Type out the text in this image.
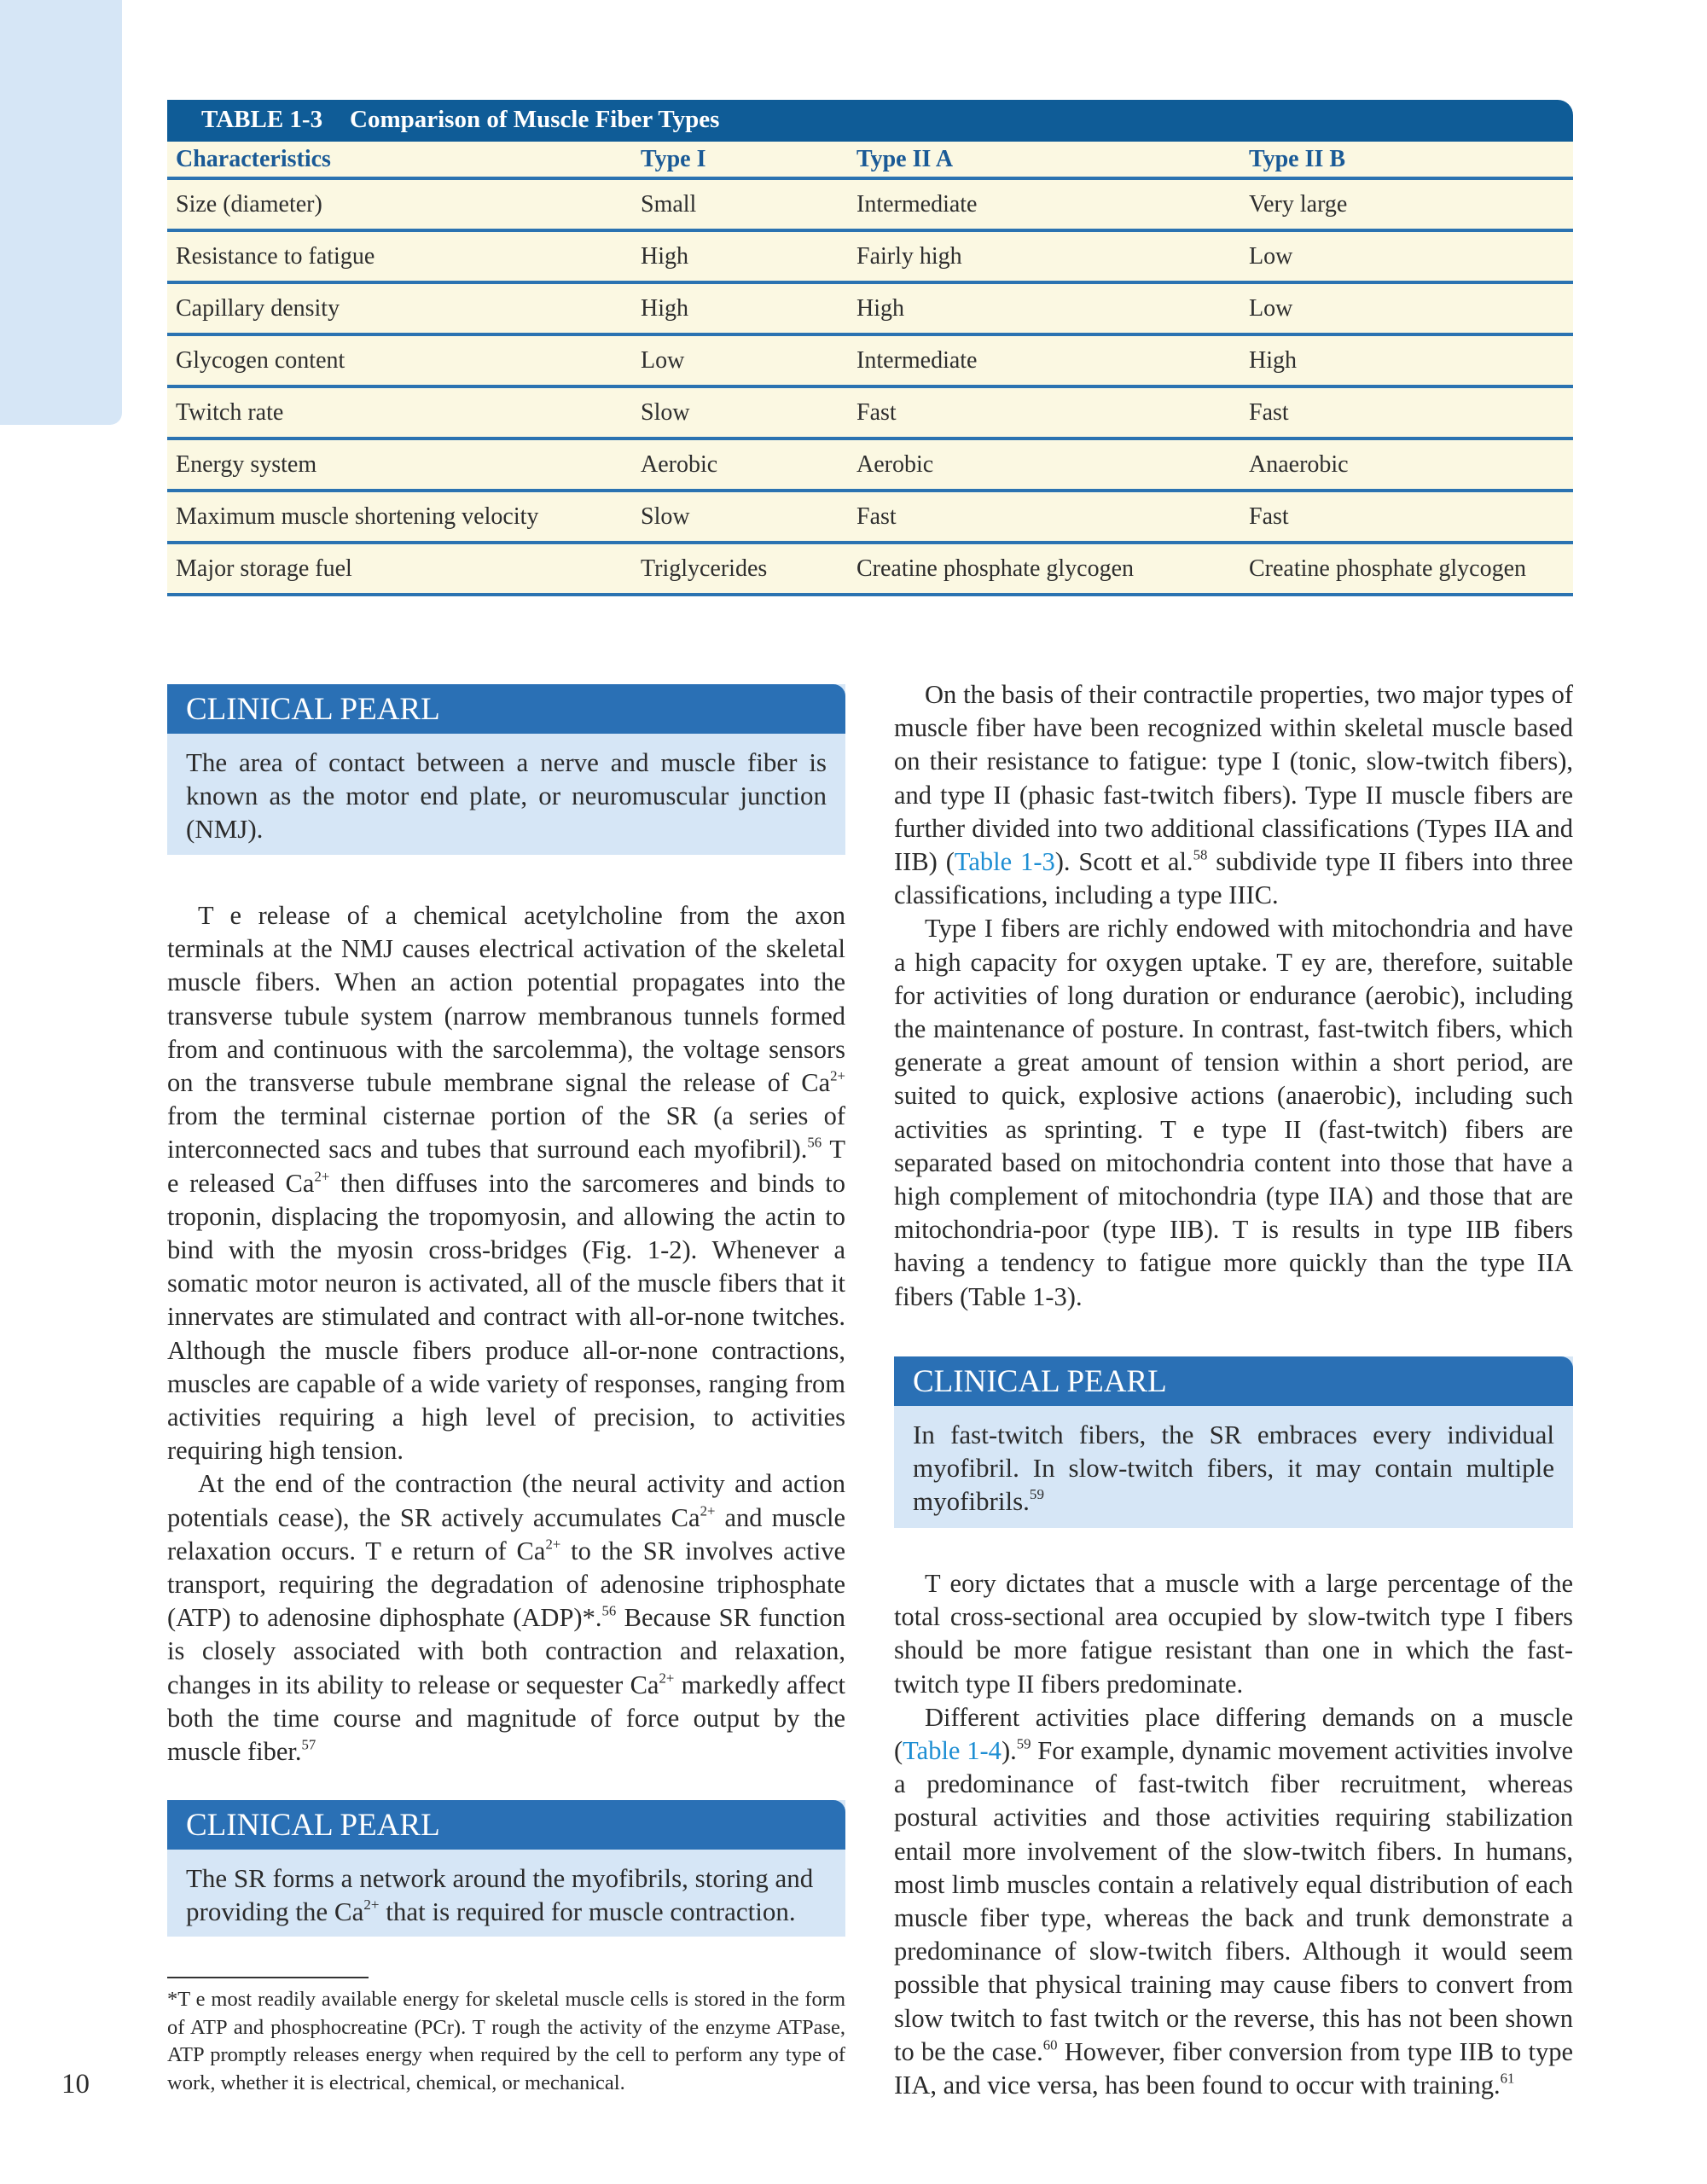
TABLE 1-3	Comparison of Muscle Fiber Types
Characteristics	Type I	Type II A	Type II B
Size (diameter)	Small	Intermediate	Very large
Resistance to fatigue	High	Fairly high	Low
Capillary density	High	High	Low
Glycogen content	Low	Intermediate	High
Twitch rate	Slow	Fast	Fast
Energy system	Aerobic	Aerobic	Anaerobic
Maximum muscle shortening velocity	Slow	Fast	Fast
Major storage fuel	Triglycerides	Creatine phosphate glycogen	Creatine phosphate glycogen
CLINICAL PEARL
The area of contact between a nerve and muscle fiber is known as the motor end plate, or neuromuscular junction (NMJ).

T e release of a chemical acetylcholine from the axon terminals at the NMJ causes electrical activation of the skeletal muscle fibers. When an action potential propagates into the transverse tubule system (narrow membranous tunnels formed from and continuous with the sarcolemma), the voltage sensors on the transverse tubule membrane signal the release of $Ca^{2+}$ from the terminal cisternae portion of the SR (a series of interconnected sacs and tubes that surround each myofibril).$^{56}$ T e released $Ca^{2+}$ then diffuses into the sarcomeres and binds to troponin, displacing the tropomyosin, and allowing the actin to bind with the myosin cross-bridges (Fig. 1-2). Whenever a somatic motor neuron is activated, all of the muscle fibers that it innervates are stimulated and contract with all-or-none twitches. Although the muscle fibers produce all-or-none contractions, muscles are capable of a wide variety of responses, ranging from activities requiring a high level of precision, to activities requiring high tension.

At the end of the contraction (the neural activity and action potentials cease), the SR actively accumulates $Ca^{2+}$ and muscle relaxation occurs. T e return of $Ca^{2+}$ to the SR involves active transport, requiring the degradation of adenosine triphosphate (ATP) to adenosine diphosphate (ADP)*.$^{56}$ Because SR function is closely associated with both contraction and relaxation, changes in its ability to release or sequester $Ca^{2+}$ markedly affect both the time course and magnitude of force output by the muscle fiber.$^{57}$

CLINICAL PEARL
The SR forms a network around the myofibrils, storing and providing the $Ca^{2+}$ that is required for muscle contraction.
*T e most readily available energy for skeletal muscle cells is stored in the form of ATP and phosphocreatine (PCr). T rough the activity of the enzyme ATPase, ATP promptly releases energy when required by the cell to perform any type of work, whether it is electrical, chemical, or mechanical.
10

On the basis of their contractile properties, two major types of muscle fiber have been recognized within skeletal muscle based on their resistance to fatigue: type I (tonic, slow-twitch fibers), and type II (phasic fast-twitch fibers). Type II muscle fibers are further divided into two additional classifications (Types IIA and IIB) (Table 1-3). Scott et al.$^{58}$ subdivide type II fibers into three classifications, including a type IIIC.

Type I fibers are richly endowed with mitochondria and have a high capacity for oxygen uptake. T ey are, therefore, suitable for activities of long duration or endurance (aerobic), including the maintenance of posture. In contrast, fast-twitch fibers, which generate a great amount of tension within a short period, are suited to quick, explosive actions (anaerobic), including such activities as sprinting. T e type II (fast-twitch) fibers are separated based on mitochondria content into those that have a high complement of mitochondria (type IIA) and those that are mitochondria-poor (type IIB). T is results in type IIB fibers having a tendency to fatigue more quickly than the type IIA fibers (Table 1-3).

CLINICAL PEARL
In fast-twitch fibers, the SR embraces every individual myofibril. In slow-twitch fibers, it may contain multiple myofibrils.$^{59}$

T eory dictates that a muscle with a large percentage of the total cross-sectional area occupied by slow-twitch type I fibers should be more fatigue resistant than one in which the fast-twitch type II fibers predominate.

Different activities place differing demands on a muscle (Table 1-4).$^{59}$ For example, dynamic movement activities involve a predominance of fast-twitch fiber recruitment, whereas postural activities and those activities requiring stabilization entail more involvement of the slow-twitch fibers. In humans, most limb muscles contain a relatively equal distribution of each muscle fiber type, whereas the back and trunk demonstrate a predominance of slow-twitch fibers. Although it would seem possible that physical training may cause fibers to convert from slow twitch to fast twitch or the reverse, this has not been shown to be the case.$^{60}$ However, fiber conversion from type IIB to type IIA, and vice versa, has been found to occur with training.$^{61}$
